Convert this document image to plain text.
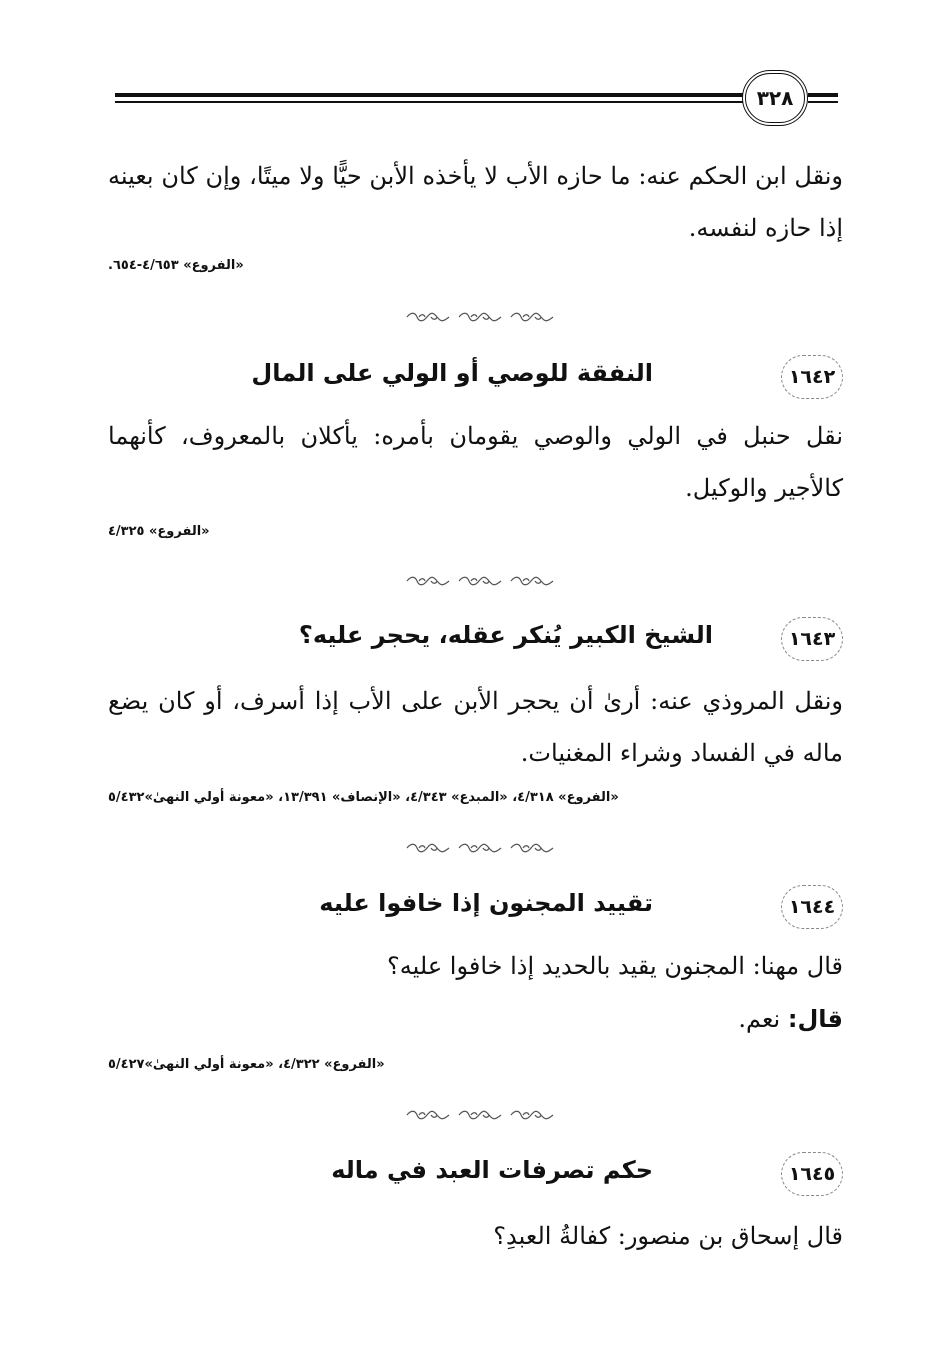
٣٢٨
ونقل ابن الحكم عنه: ما حازه الأب لا يأخذه الأبن حيًّا ولا ميتًا، وإن كان بعينه إذا حازه لنفسه.
«الفروع» ٤/٦٥٣-٦٥٤.
١٦٤٢
النفقة للوصي أو الولي على المال
نقل حنبل في الولي والوصي يقومان بأمره: يأكلان بالمعروف، كأنهما كالأجير والوكيل.
«الفروع» ٤/٣٢٥
١٦٤٣
الشيخ الكبير يُنكر عقله، يحجر عليه؟
ونقل المروذي عنه: أرىٰ أن يحجر الأبن على الأب إذا أسرف، أو كان يضع ماله في الفساد وشراء المغنيات.
«الفروع» ٤/٣١٨، «المبدع» ٤/٣٤٣، «الإنصاف» ١٣/٣٩١، «معونة أولي النهىٰ»٥/٤٣٢
١٦٤٤
تقييد المجنون إذا خافوا عليه
قال مهنا: المجنون يقيد بالحديد إذا خافوا عليه؟
قال: نعم.
«الفروع» ٤/٣٢٢، «معونة أولي النهىٰ»٥/٤٢٧
١٦٤٥
حكم تصرفات العبد في ماله
قال إسحاق بن منصور: كفالةُ العبدِ؟
